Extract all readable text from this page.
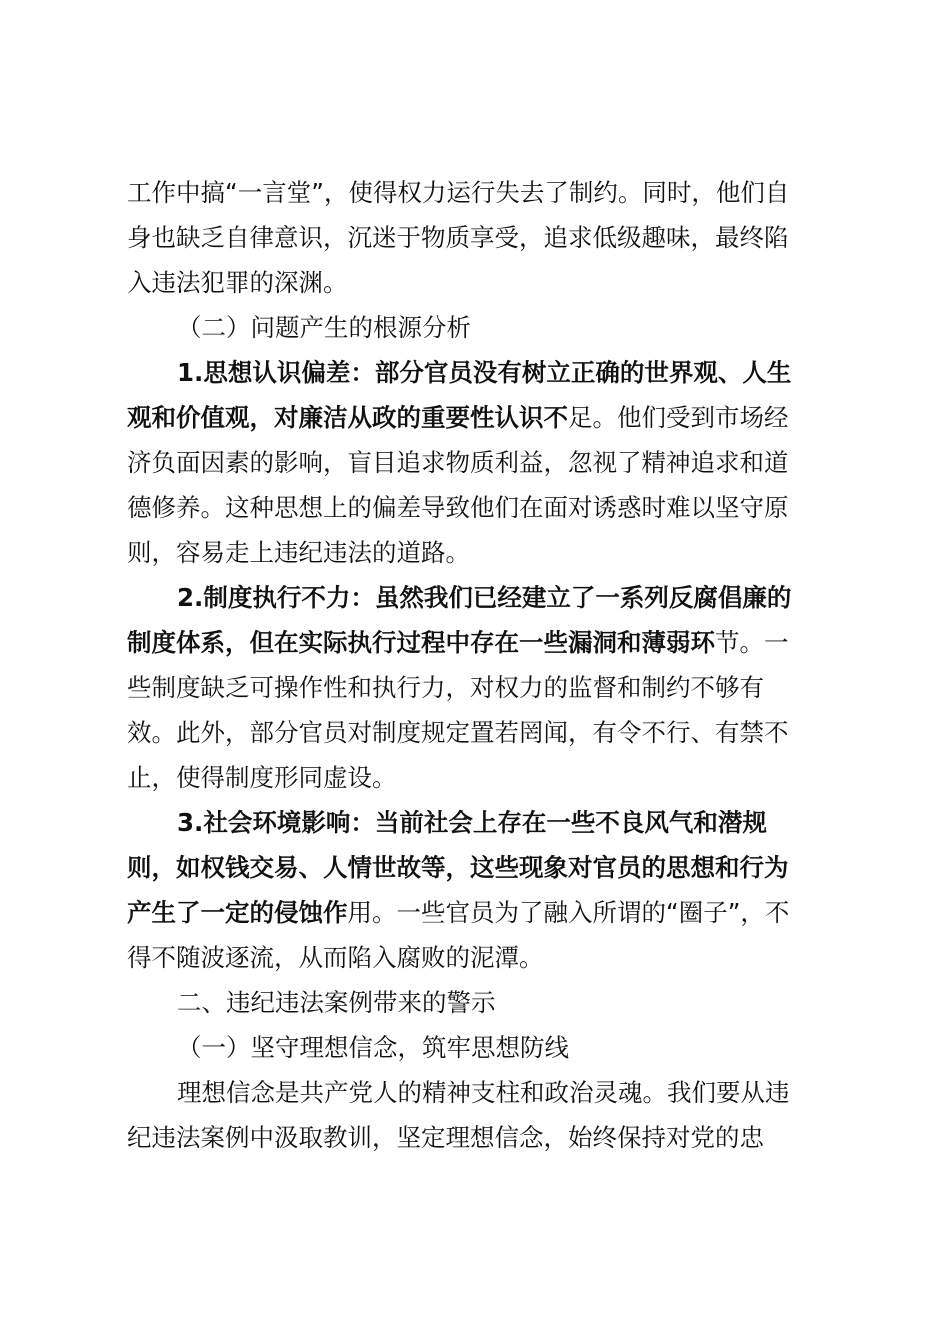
工作中搞“一言堂”，使得权力运行失去了制约。同时，他们自
身也缺乏自律意识，沉迷于物质享受，追求低级趣味，最终陷
入违法犯罪的深渊。
（二）问题产生的根源分析
1.思想认识偏差：部分官员没有树立正确的世界观、人生
观和价值观，对廉洁从政的重要性认识不足。他们受到市场经
济负面因素的影响，盲目追求物质利益，忽视了精神追求和道
德修养。这种思想上的偏差导致他们在面对诱惑时难以坚守原
则，容易走上违纪违法的道路。
2.制度执行不力：虽然我们已经建立了一系列反腐倡廉的
制度体系，但在实际执行过程中存在一些漏洞和薄弱环节。一
些制度缺乏可操作性和执行力，对权力的监督和制约不够有
效。此外，部分官员对制度规定置若罔闻，有令不行、有禁不
止，使得制度形同虚设。
3.社会环境影响：当前社会上存在一些不良风气和潜规
则，如权钱交易、人情世故等，这些现象对官员的思想和行为
产生了一定的侵蚀作用。一些官员为了融入所谓的“圈子”，不
得不随波逐流，从而陷入腐败的泥潭。
二、违纪违法案例带来的警示
（一）坚守理想信念，筑牢思想防线
理想信念是共产党人的精神支柱和政治灵魂。我们要从违
纪违法案例中汲取教训，坚定理想信念，始终保持对党的忠
